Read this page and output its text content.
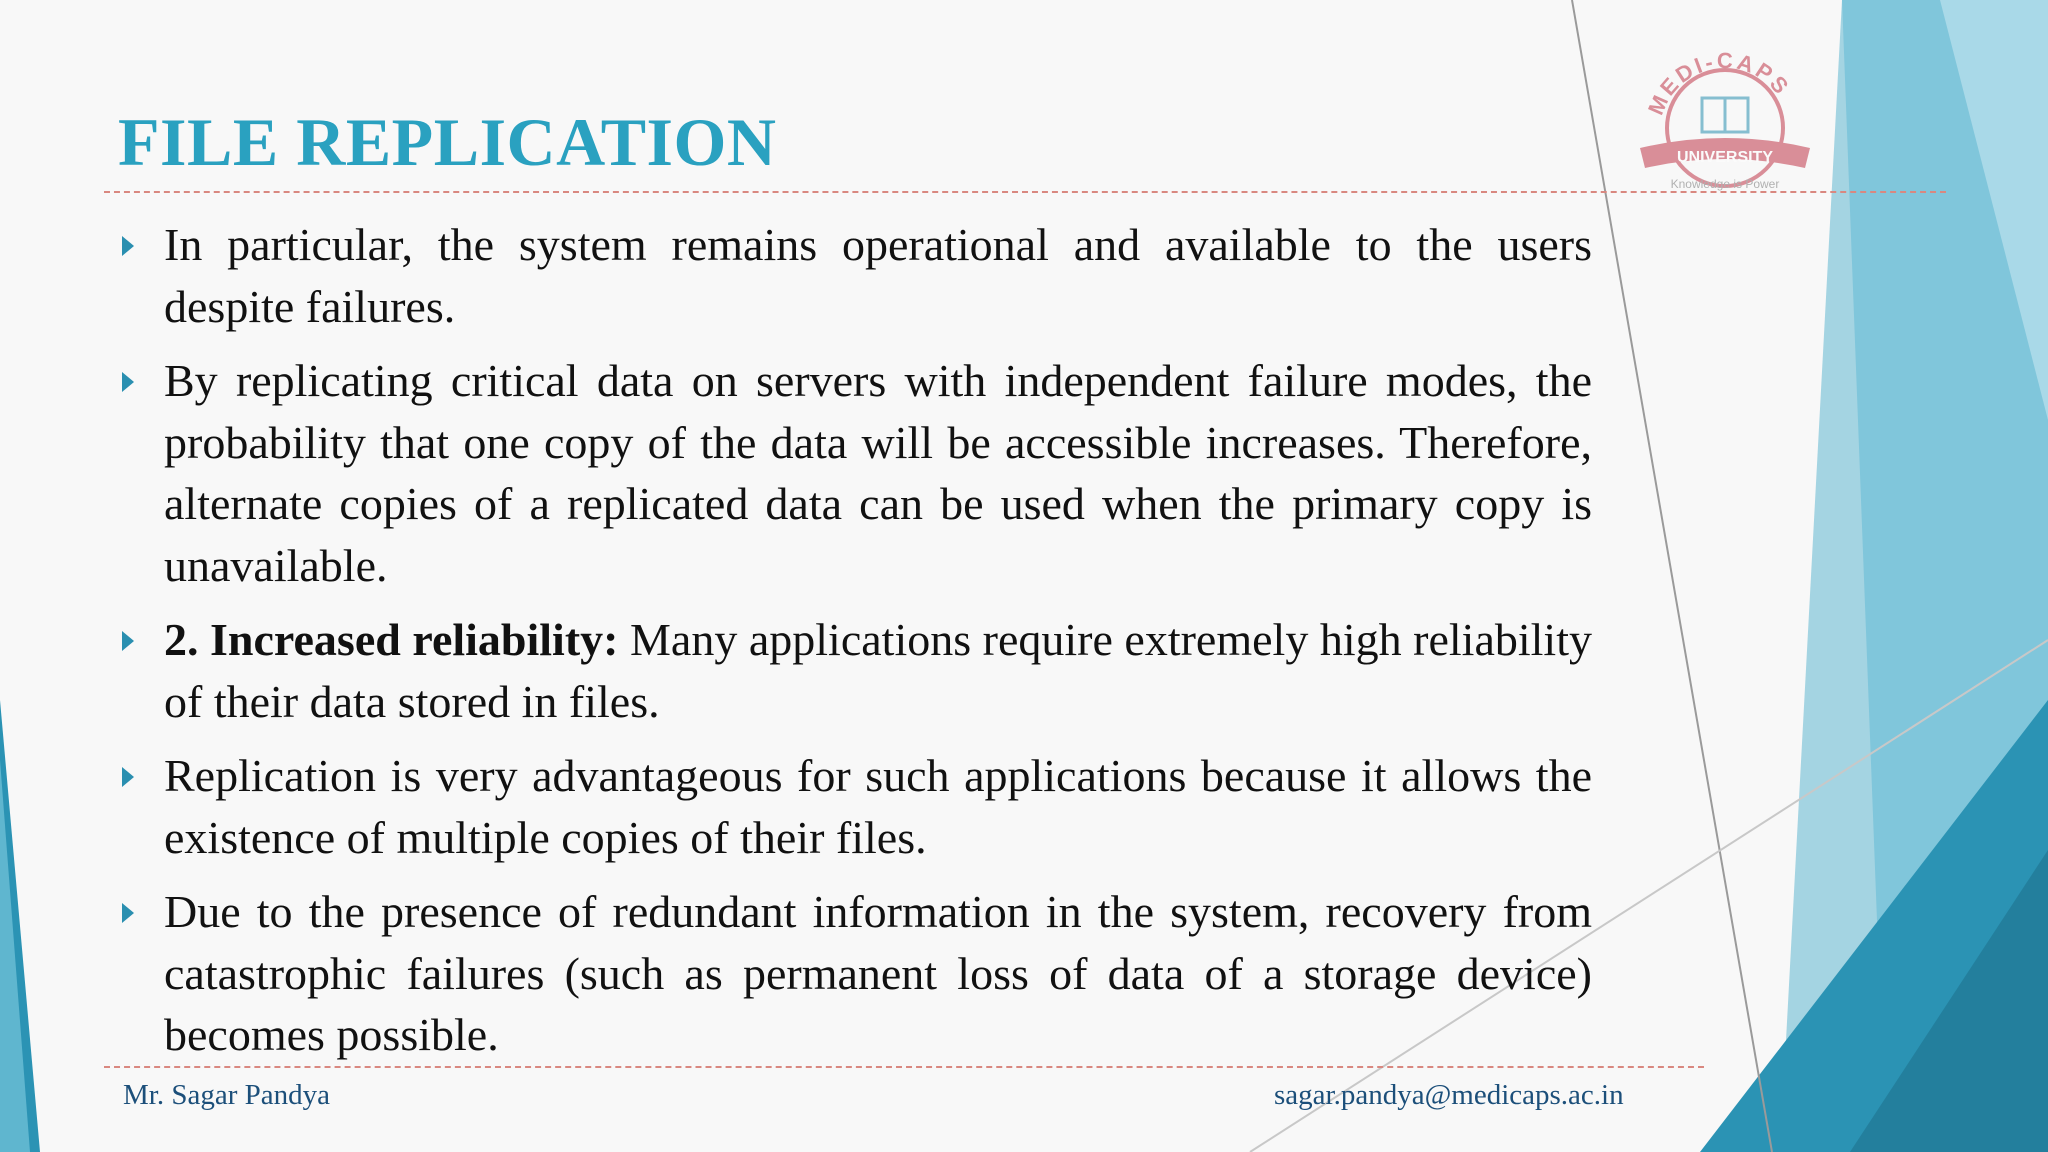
MEDI-CAPS
UNIVERSITY
Knowledge is Power
FILE REPLICATION
In particular, the system remains operational and available to the users despite failures.
By replicating critical data on servers with independent failure modes, the probability that one copy of the data will be accessible increases. Therefore, alternate copies of a replicated data can be used when the primary copy is unavailable.
2. Increased reliability: Many applications require extremely high reliability of their data stored in files.
Replication is very advantageous for such applications because it allows the existence of multiple copies of their files.
Due to the presence of redundant information in the system, recovery from catastrophic failures (such as permanent loss of data of a storage device) becomes possible.
Mr. Sagar Pandya	sagar.pandya@medicaps.ac.in
